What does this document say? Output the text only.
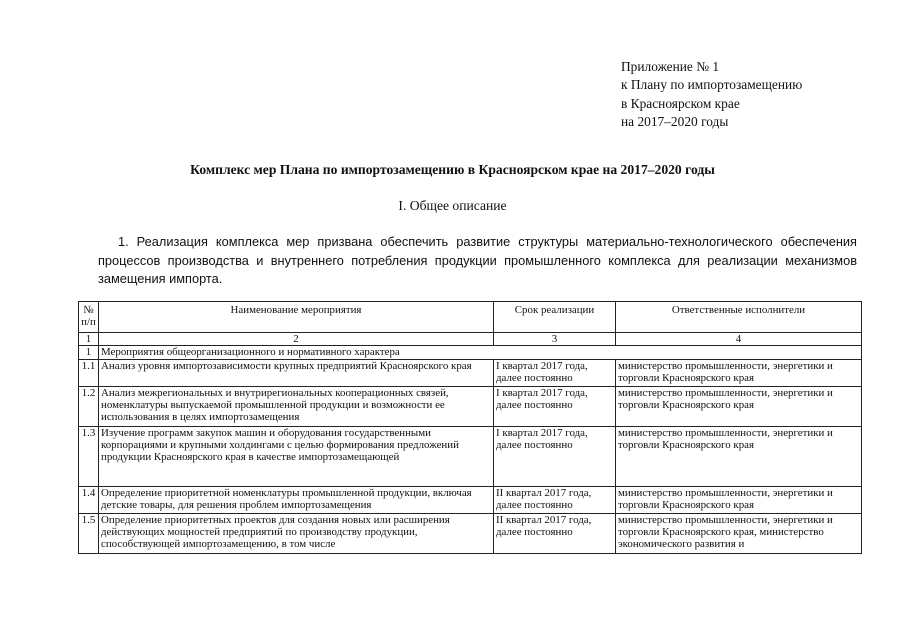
Приложение № 1
к Плану по импортозамещению
в Красноярском крае
на 2017–2020 годы
Комплекс мер Плана по импортозамещению в Красноярском крае на 2017–2020 годы
I. Общее описание
1. Реализация комплекса мер призвана обеспечить развитие структуры материально-технологического обеспечения процессов производства и внутреннего потребления продукции промышленного комплекса для реализации механизмов замещения импорта.
№ п/п	Наименование мероприятия	Срок реализации	Ответственные исполнители
1	2	3	4
1	Мероприятия общеорганизационного и нормативного характера		
1.1	Анализ уровня импортозависимости крупных предприятий Красноярского края	I квартал 2017 года, далее постоянно	министерство промышленности, энергетики и торговли Красноярского края
1.2	Анализ межрегиональных и внутрирегиональных кооперационных связей, номенклатуры выпускаемой промышленной продукции и возможности ее использования в целях импортозамещения	I квартал 2017 года, далее постоянно	министерство промышленности, энергетики и торговли Красноярского края
1.3	Изучение программ закупок машин и оборудования государственными корпорациями и крупными холдингами с целью формирования предложений продукции Красноярского края в качестве импортозамещающей	I квартал 2017 года, далее постоянно	министерство промышленности, энергетики и торговли Красноярского края
1.4	Определение приоритетной номенклатуры промышленной продукции, включая детские товары, для решения проблем импортозамещения	II квартал 2017 года, далее постоянно	министерство промышленности, энергетики и торговли Красноярского края
1.5	Определение приоритетных проектов для создания новых или расширения действующих мощностей предприятий по производству продукции, способствующей импортозамещению, в том числе	II квартал 2017 года, далее постоянно	министерство промышленности, энергетики и торговли Красноярского края, министерство экономического развития и
